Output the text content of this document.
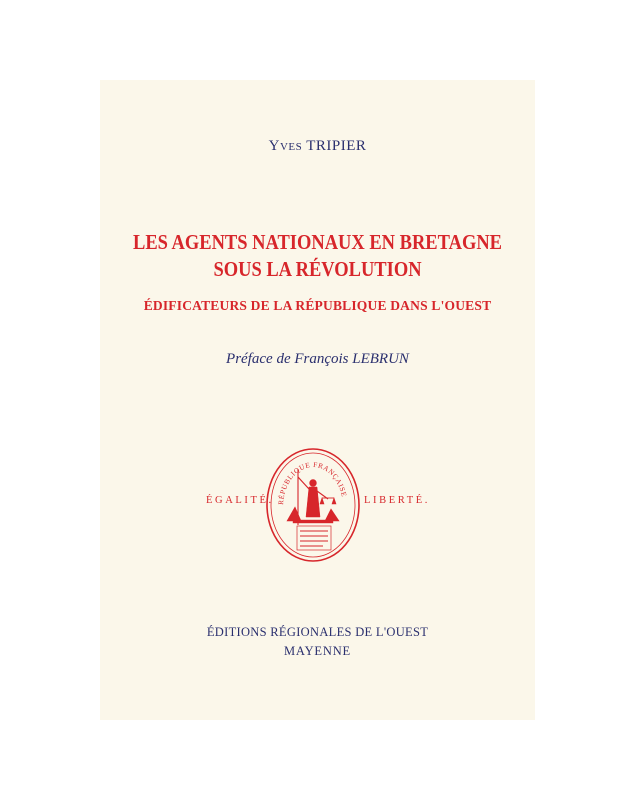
Yves TRIPIER
LES AGENTS NATIONAUX EN BRETAGNE
SOUS LA RÉVOLUTION
ÉDIFICATEURS DE LA RÉPUBLIQUE DANS L'OUEST
Préface de François LEBRUN
ÉGALITÉ.	LIBERTÉ.
RÉPUBLIQUE FRANÇAISE
ÉDITIONS RÉGIONALES DE L'OUEST
MAYENNE
